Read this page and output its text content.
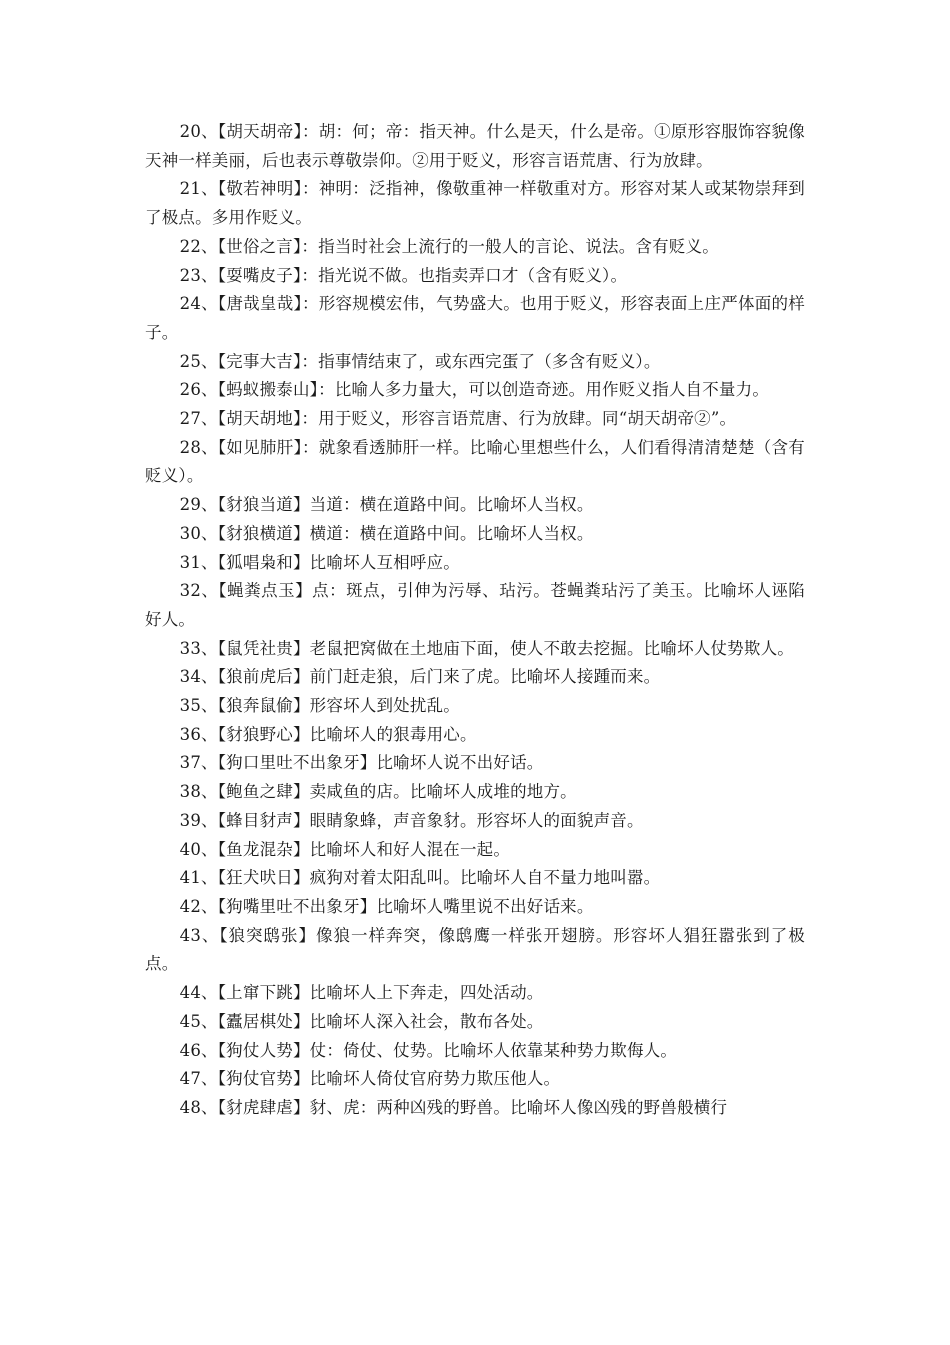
20、【胡天胡帝】：胡：何；帝：指天神。什么是天，什么是帝。①原形容服饰容貌像天神一样美丽，后也表示尊敬崇仰。②用于贬义，形容言语荒唐、行为放肆。

21、【敬若神明】：神明：泛指神，像敬重神一样敬重对方。形容对某人或某物崇拜到了极点。多用作贬义。

22、【世俗之言】：指当时社会上流行的一般人的言论、说法。含有贬义。

23、【耍嘴皮子】：指光说不做。也指卖弄口才（含有贬义）。

24、【唐哉皇哉】：形容规模宏伟，气势盛大。也用于贬义，形容表面上庄严体面的样子。

25、【完事大吉】：指事情结束了，或东西完蛋了（多含有贬义）。

26、【蚂蚁搬泰山】：比喻人多力量大，可以创造奇迹。用作贬义指人自不量力。

27、【胡天胡地】：用于贬义，形容言语荒唐、行为放肆。同“胡天胡帝②”。

28、【如见肺肝】：就象看透肺肝一样。比喻心里想些什么，人们看得清清楚楚（含有贬义）。

29、【豺狼当道】当道：横在道路中间。比喻坏人当权。

30、【豺狼横道】横道：横在道路中间。比喻坏人当权。

31、【狐唱枭和】比喻坏人互相呼应。

32、【蝇粪点玉】点：斑点，引伸为污辱、玷污。苍蝇粪玷污了美玉。比喻坏人诬陷好人。

33、【鼠凭社贵】老鼠把窝做在土地庙下面，使人不敢去挖掘。比喻坏人仗势欺人。

34、【狼前虎后】前门赶走狼，后门来了虎。比喻坏人接踵而来。

35、【狼奔鼠偷】形容坏人到处扰乱。

36、【豺狼野心】比喻坏人的狠毒用心。

37、【狗口里吐不出象牙】比喻坏人说不出好话。

38、【鲍鱼之肆】卖咸鱼的店。比喻坏人成堆的地方。

39、【蜂目豺声】眼睛象蜂，声音象豺。形容坏人的面貌声音。

40、【鱼龙混杂】比喻坏人和好人混在一起。

41、【狂犬吠日】疯狗对着太阳乱叫。比喻坏人自不量力地叫嚣。

42、【狗嘴里吐不出象牙】比喻坏人嘴里说不出好话来。

43、【狼突鸱张】像狼一样奔突，像鸱鹰一样张开翅膀。形容坏人猖狂嚣张到了极点。

44、【上窜下跳】比喻坏人上下奔走，四处活动。

45、【蠹居棋处】比喻坏人深入社会，散布各处。

46、【狗仗人势】仗：倚仗、仗势。比喻坏人依靠某种势力欺侮人。

47、【狗仗官势】比喻坏人倚仗官府势力欺压他人。

48、【豺虎肆虐】豺、虎：两种凶残的野兽。比喻坏人像凶残的野兽般横行
